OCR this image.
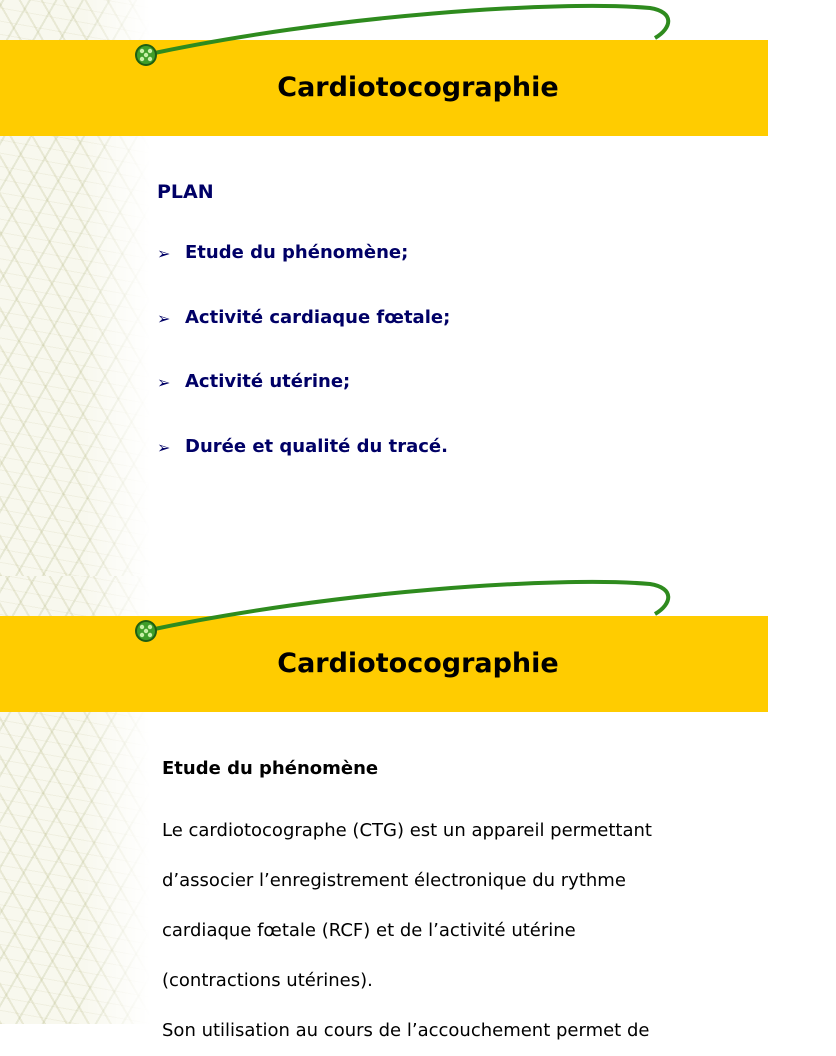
Cardiotocographie
PLAN
➢ Etude du phénomène;
➢ Activité cardiaque fœtale;
➢ Activité utérine;
➢ Durée et qualité du tracé.
Cardiotocographie
Etude du phénomène
Le cardiotocographe (CTG) est un appareil permettant
d’associer l’enregistrement électronique du rythme
cardiaque fœtale (RCF) et de l’activité utérine
(contractions utérines).
Son utilisation au cours de l’accouchement permet de
